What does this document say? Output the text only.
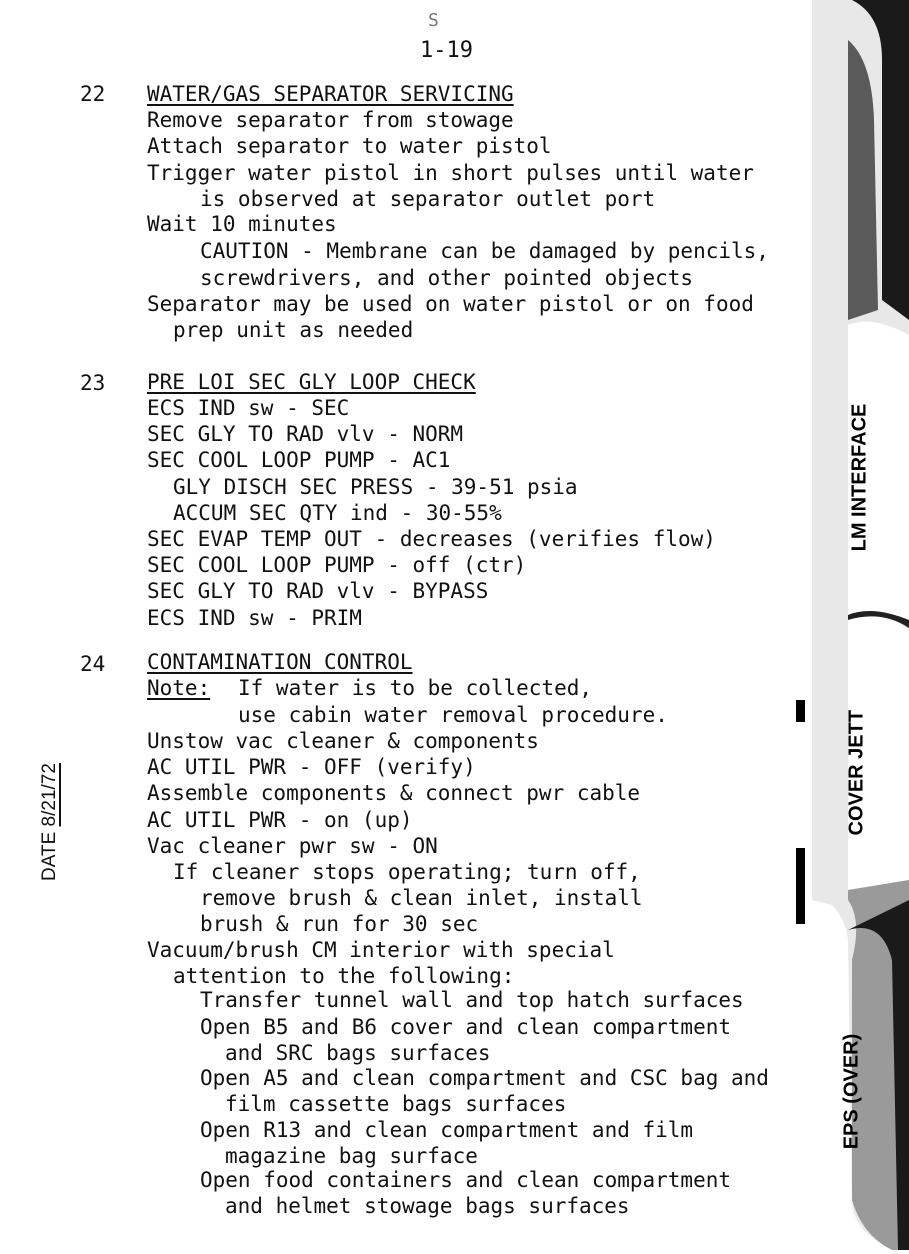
S
1-19
22 WATER/GAS SEPARATOR SERVICING
Remove separator from stowage
Attach separator to water pistol
Trigger water pistol in short pulses until water
is observed at separator outlet port
Wait 10 minutes
CAUTION - Membrane can be damaged by pencils,
screwdrivers, and other pointed objects
Separator may be used on water pistol or on food
prep unit as needed
23 PRE LOI SEC GLY LOOP CHECK
ECS IND sw - SEC
SEC GLY TO RAD vlv - NORM
SEC COOL LOOP PUMP - AC1
GLY DISCH SEC PRESS - 39-51 psia
ACCUM SEC QTY ind - 30-55%
SEC EVAP TEMP OUT - decreases (verifies flow)
SEC COOL LOOP PUMP - off (ctr)
SEC GLY TO RAD vlv - BYPASS
ECS IND sw - PRIM
24 CONTAMINATION CONTROL
Note: If water is to be collected,
use cabin water removal procedure.
Unstow vac cleaner & components
AC UTIL PWR - OFF (verify)
Assemble components & connect pwr cable
AC UTIL PWR - on (up)
Vac cleaner pwr sw - ON
If cleaner stops operating; turn off,
remove brush & clean inlet, install
brush & run for 30 sec
Vacuum/brush CM interior with special
attention to the following:
Transfer tunnel wall and top hatch surfaces
Open B5 and B6 cover and clean compartment
and SRC bags surfaces
Open A5 and clean compartment and CSC bag and
film cassette bags surfaces
Open R13 and clean compartment and film
magazine bag surface
Open food containers and clean compartment
and helmet stowage bags surfaces
DATE 8/21/72
LM INTERFACE
COVER JETT
EPS (OVER)
